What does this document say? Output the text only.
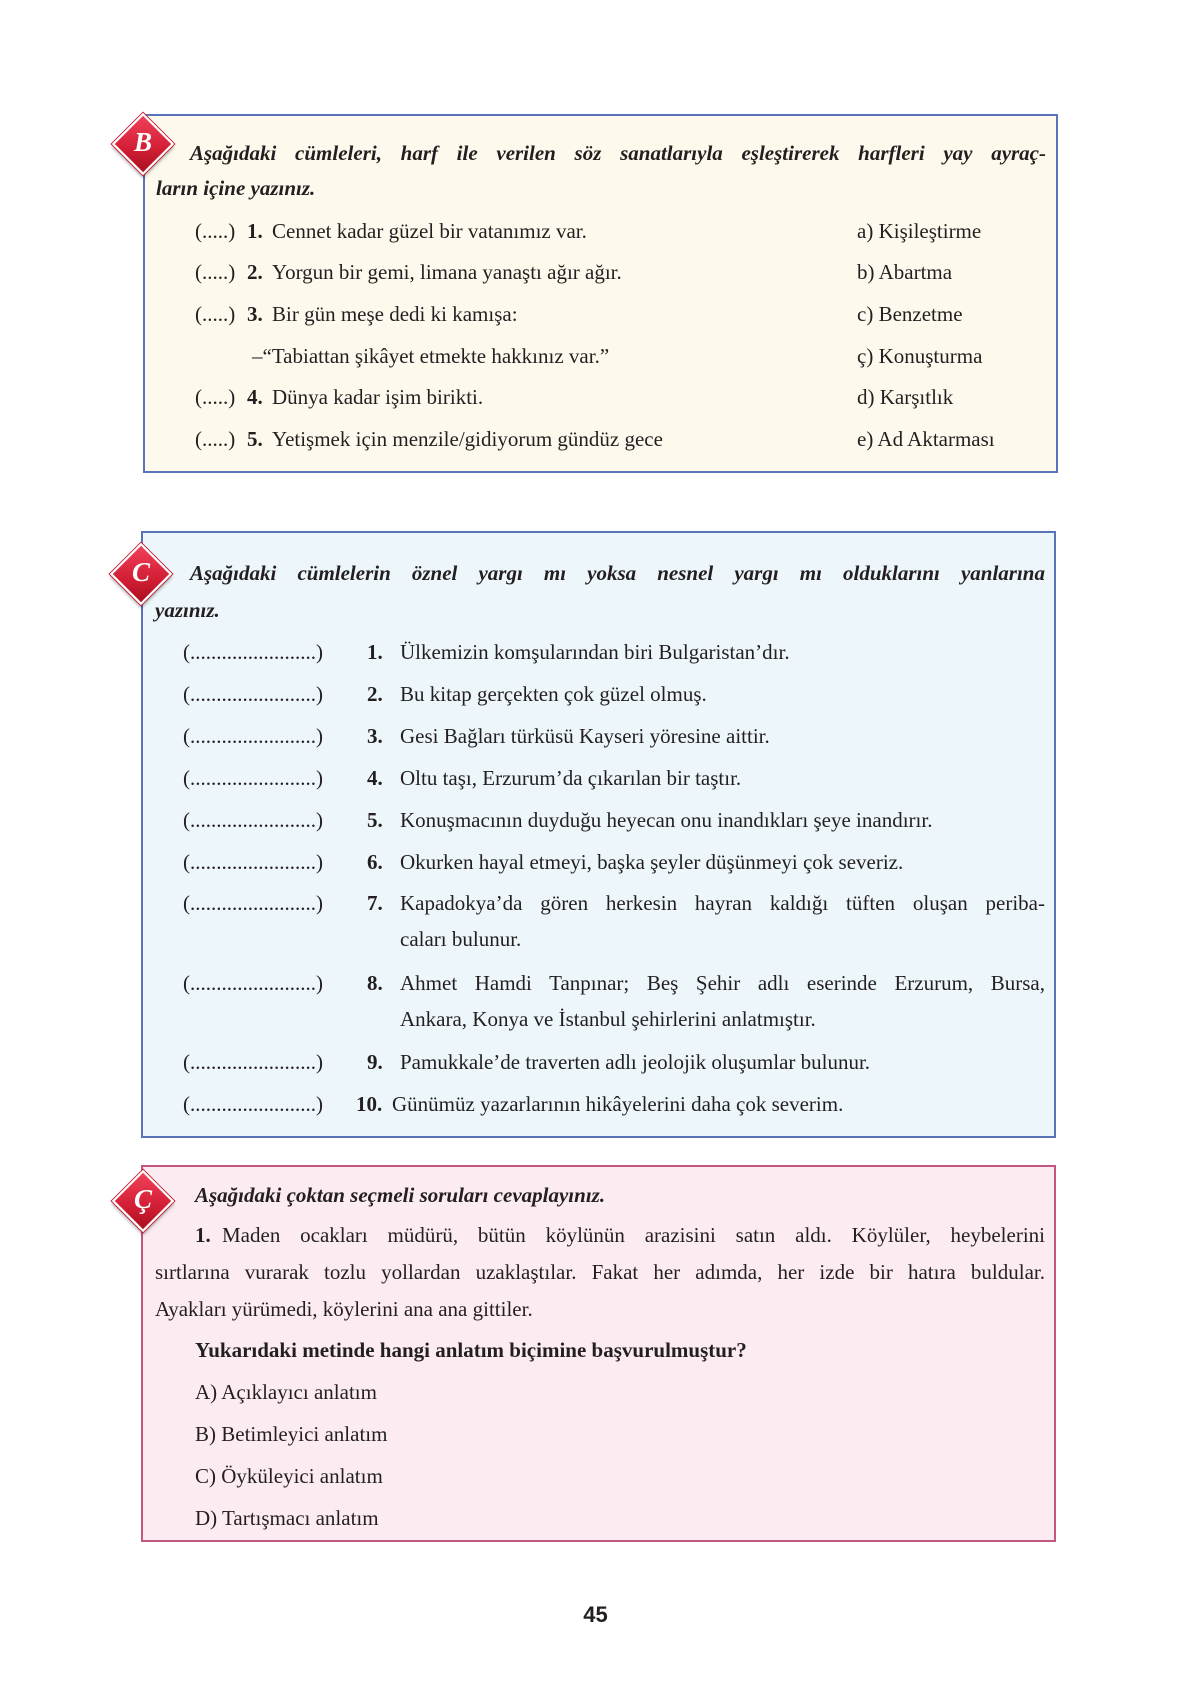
B	Aşağıdaki cümleleri, harf ile verilen söz sanatlarıyla eşleştirerek harfleri yay ayraç-
ların içine yazınız.
(.....) 1. Cennet kadar güzel bir vatanımız var.	a) Kişileştirme
(.....) 2. Yorgun bir gemi, limana yanaştı ağır ağır.	b) Abartma
(.....) 3. Bir gün meşe dedi ki kamışa:	c) Benzetme
–“Tabiattan şikâyet etmekte hakkınız var.”	ç) Konuşturma
(.....) 4. Dünya kadar işim birikti.	d) Karşıtlık
(.....) 5. Yetişmek için menzile/gidiyorum gündüz gece	e) Ad Aktarması
C	Aşağıdaki cümlelerin öznel yargı mı yoksa nesnel yargı mı olduklarını yanlarına
yazınız.
(........................) 1. Ülkemizin komşularından biri Bulgaristan’dır.
(........................) 2. Bu kitap gerçekten çok güzel olmuş.
(........................) 3. Gesi Bağları türküsü Kayseri yöresine aittir.
(........................) 4. Oltu taşı, Erzurum’da çıkarılan bir taştır.
(........................) 5. Konuşmacının duyduğu heyecan onu inandıkları şeye inandırır.
(........................) 6. Okurken hayal etmeyi, başka şeyler düşünmeyi çok severiz.
(........................) 7. Kapadokya’da gören herkesin hayran kaldığı tüften oluşan periba-
caları bulunur.
(........................) 8. Ahmet Hamdi Tanpınar; Beş Şehir adlı eserinde Erzurum, Bursa,
Ankara, Konya ve İstanbul şehirlerini anlatmıştır.
(........................) 9. Pamukkale’de traverten adlı jeolojik oluşumlar bulunur.
(........................) 10. Günümüz yazarlarının hikâyelerini daha çok severim.
Ç	Aşağıdaki çoktan seçmeli soruları cevaplayınız.
1. Maden ocakları müdürü, bütün köylünün arazisini satın aldı. Köylüler, heybelerini
sırtlarına vurarak tozlu yollardan uzaklaştılar. Fakat her adımda, her izde bir hatıra buldular.
Ayakları yürümedi, köylerini ana ana gittiler.
Yukarıdaki metinde hangi anlatım biçimine başvurulmuştur?
A) Açıklayıcı anlatım
B) Betimleyici anlatım
C) Öyküleyici anlatım
D) Tartışmacı anlatım
45
